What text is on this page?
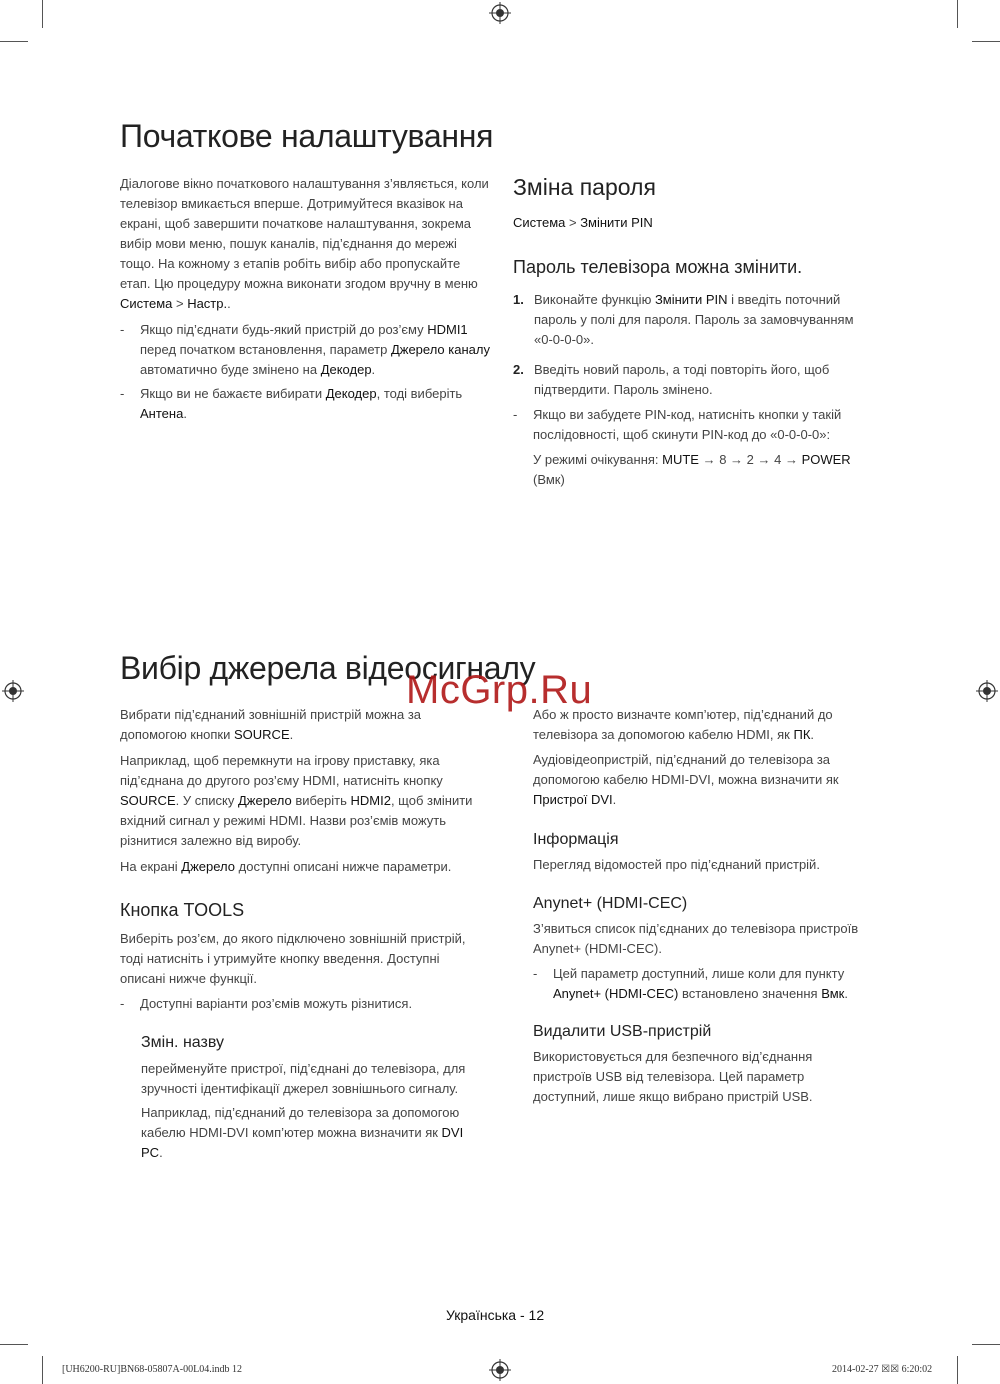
Початкове налаштування

Діалогове вікно початкового налаштування з’являється, коли телевізор вмикається вперше. Дотримуйтеся вказівок на екрані, щоб завершити початкове налаштування, зокрема вибір мови меню, пошук каналів, під’єднання до мережі тощо. На кожному з етапів робіть вибір або пропускайте етап. Цю процедуру можна виконати згодом вручну в меню Система > Настр..

- Якщо під’єднати будь-який пристрій до роз’єму HDMI1 перед початком встановлення, параметр Джерело каналу автоматично буде змінено на Декодер.
- Якщо ви не бажаєте вибирати Декодер, тоді виберіть Антена.
Зміна пароля
Система > Змінити PIN
Пароль телевізора можна змінити.
1. Виконайте функцію Змінити PIN і введіть поточний пароль у полі для пароля. Пароль за замовчуванням «0-0-0-0».
2. Введіть новий пароль, а тоді повторіть його, щоб підтвердити. Пароль змінено.
- Якщо ви забудете PIN-код, натисніть кнопки у такій послідовності, щоб скинути PIN-код до «0-0-0-0»:
У режимі очікування: MUTE → 8 → 2 → 4 → POWER (Вмк)
Вибір джерела відеосигналу

Вибрати під’єднаний зовнішній пристрій можна за допомогою кнопки SOURCE.

Наприклад, щоб перемкнути на ігрову приставку, яка під’єднана до другого роз’єму HDMI, натисніть кнопку SOURCE. У списку Джерело виберіть HDMI2, щоб змінити вхідний сигнал у режимі HDMI. Назви роз’ємів можуть різнитися залежно від виробу.

На екрані Джерело доступні описані нижче параметри.

Кнопка TOOLS

Виберіть роз’єм, до якого підключено зовнішній пристрій, тоді натисніть і утримуйте кнопку введення. Доступні описані нижче функції.

- Доступні варіанти роз’ємів можуть різнитися.
Змін. назву

перейменуйте пристрої, під’єднані до телевізора, для зручності ідентифікації джерел зовнішнього сигналу.

Наприклад, під’єднаний до телевізора за допомогою кабелю HDMI-DVI комп’ютер можна визначити як DVI PC.

Або ж просто визначте комп’ютер, під’єднаний до телевізора за допомогою кабелю HDMI, як ПК.

Аудіовідеопристрій, під’єднаний до телевізора за допомогою кабелю HDMI-DVI, можна визначити як Пристрої DVI.

Інформація

Перегляд відомостей про під’єднаний пристрій.

Anynet+ (HDMI-CEC)

З’явиться список під’єднаних до телевізора пристроїв Anynet+ (HDMI-CEC).

- Цей параметр доступний, лише коли для пункту Anynet+ (HDMI-CEC) встановлено значення Вмк.
Видалити USB-пристрій

Використовується для безпечного від’єднання пристроїв USB від телевізора. Цей параметр доступний, лише якщо вибрано пристрій USB.

McGrp.Ru
Українська - 12
[UH6200-RU]BN68-05807A-00L04.indb 12	2014-02-27 ☒☒ 6:20:02
